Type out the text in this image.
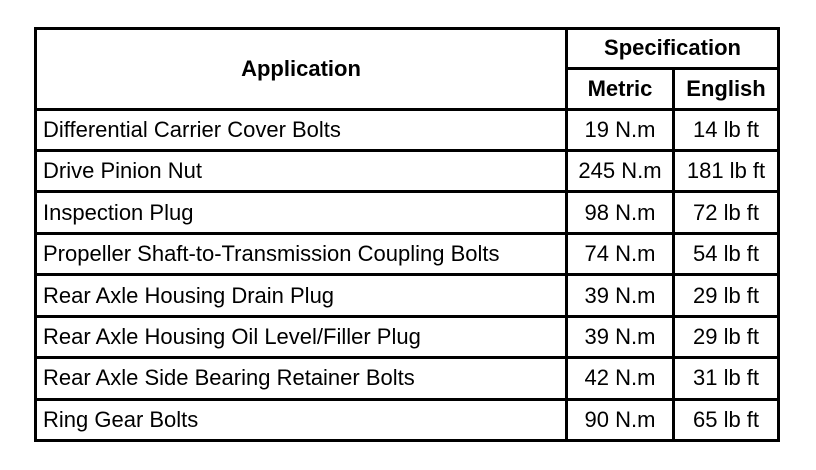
Application	Specification	
	Metric	English
Differential Carrier Cover Bolts	19 N.m	14 lb ft
Drive Pinion Nut	245 N.m	181 lb ft
Inspection Plug	98 N.m	72 lb ft
Propeller Shaft-to-Transmission Coupling Bolts	74 N.m	54 lb ft
Rear Axle Housing Drain Plug	39 N.m	29 lb ft
Rear Axle Housing Oil Level/Filler Plug	39 N.m	29 lb ft
Rear Axle Side Bearing Retainer Bolts	42 N.m	31 lb ft
Ring Gear Bolts	90 N.m	65 lb ft
